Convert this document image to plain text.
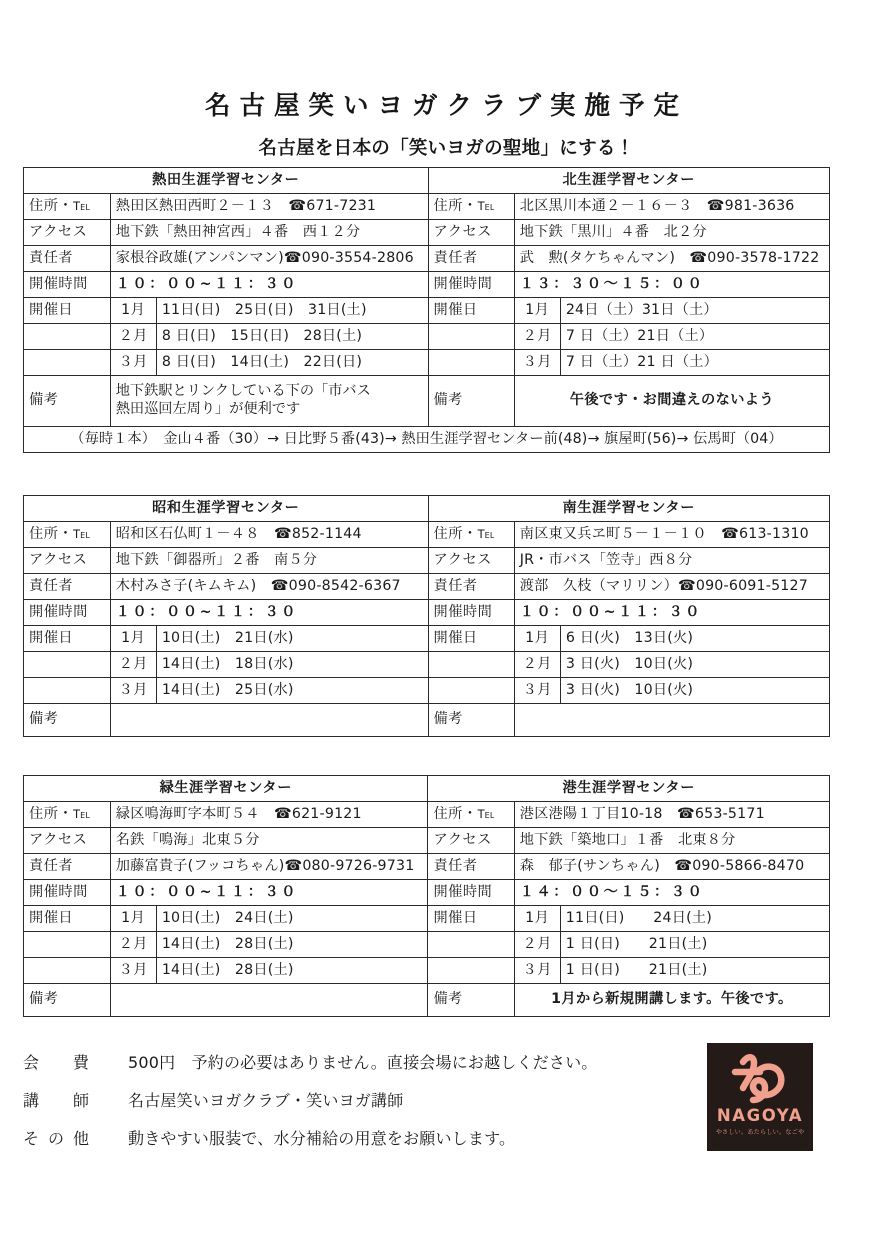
名古屋笑いヨガクラブ実施予定
名古屋を日本の「笑いヨガの聖地」にする！
熱田生涯学習センター			北生涯学習センター		
住所・Tel	熱田区熱田西町２－１３　☎671-7231		住所・Tel	北区黒川本通２－１６－３　☎981-3636	
アクセス	地下鉄「熱田神宮西」４番　西１２分		アクセス	地下鉄「黒川」４番　北２分	
責任者	家根谷政雄(アンパンマン)☎090-3554-2806		責任者	武　勲(タケちゃんマン)　☎090-3578-1722	
開催時間	１０：００~１１：３０		開催時間	１３：３０～１５：００	
開催日	1月	11日(日)　25日(日)　31日(土)	開催日	1月	24日（土）31日（土）
	２月	8 日(日)　15日(日)　28日(土)		２月	7 日（土）21日（土）
	３月	8 日(日)　14日(土)　22日(日)		３月	7 日（土）21 日（土）
備考	地下鉄駅とリンクしている下の「市バス
熱田巡回左周り」が便利です		備考	午後です・お間違えのないよう	
（毎時１本）　金山４番（30）→ 日比野５番(43)→ 熱田生涯学習センター前(48)→ 旗屋町(56)→ 伝馬町（04）					
昭和生涯学習センター			南生涯学習センター		
住所・Tel	昭和区石仏町１－４８　☎852-1144		住所・Tel	南区東又兵ヱ町５－１－１０　☎613-1310	
アクセス	地下鉄「御器所」２番　南５分		アクセス	JR・市バス「笠寺」西８分	
責任者	木村みさ子(キムキム)　☎090-8542-6367		責任者	渡部　久枝（マリリン）☎090-6091-5127	
開催時間	１０：００~１１：３０		開催時間	１０：００~１１：３０	
開催日	1月	10日(土)　21日(水)	開催日	1月	6 日(火)　13日(火)
	２月	14日(土)　18日(水)		２月	3 日(火)　10日(火)
	３月	14日(土)　25日(水)		３月	3 日(火)　10日(火)
備考			備考		
緑生涯学習センター			港生涯学習センター		
住所・Tel	緑区鳴海町字本町５４　☎621-9121		住所・Tel	港区港陽１丁目10-18　☎653-5171	
アクセス	名鉄「鳴海」北東５分		アクセス	地下鉄「築地口」１番　北東８分	
責任者	加藤富貴子(フッコちゃん)☎080-9726-9731		責任者	森　郁子(サンちゃん)　☎090-5866-8470	
開催時間	１０：００~１１：３０		開催時間	１４：００～１５：３０	
開催日	1月	10日(土)　24日(土)	開催日	1月	11日(日)　　24日(土)
	２月	14日(土)　28日(土)		２月	1 日(日)　　21日(土)
	３月	14日(土)　28日(土)		３月	1 日(日)　　21日(土)
備考			備考	1月から新規開講します。午後です。	
会　費	500円　予約の必要はありません。直接会場にお越しください。
講　師	名古屋笑いヨガクラブ・笑いヨガ講師
その他	動きやすい服装で、水分補給の用意をお願いします。
NAGOYA
やさしい。あたらしい。なごや
